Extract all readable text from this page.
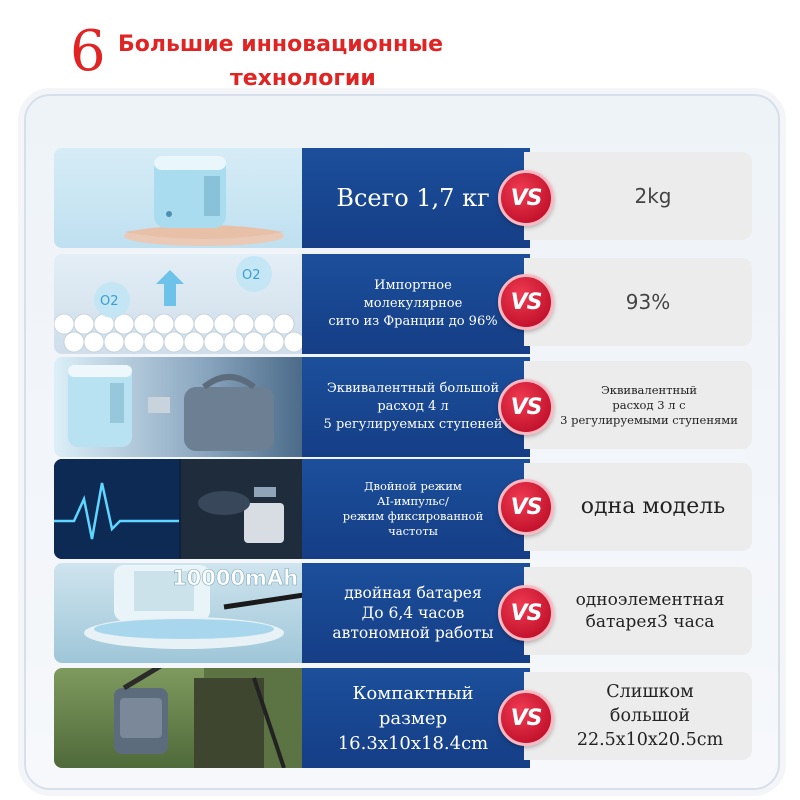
6 Большие инновационные
технологии
Всего 1,7 кг	2kg
VS
O2
O2
Импортное
молекулярное
сито из Франции до 96%
93%
VS
Эквивалентный большой
расход 4 л
5 регулируемых ступеней
Эквивалентный
расход 3 л с
3 регулируемыми ступенями
VS
Двойной режим
AI-импульс/
режим фиксированной
частоты
одна модель
VS
10000mAh
двойная батарея
До 6,4 часов
автономной работы
одноэлементная
батарея3 часа
VS
Компактный
размер
16.3x10x18.4cm
Слишком
большой
22.5x10x20.5cm
VS
